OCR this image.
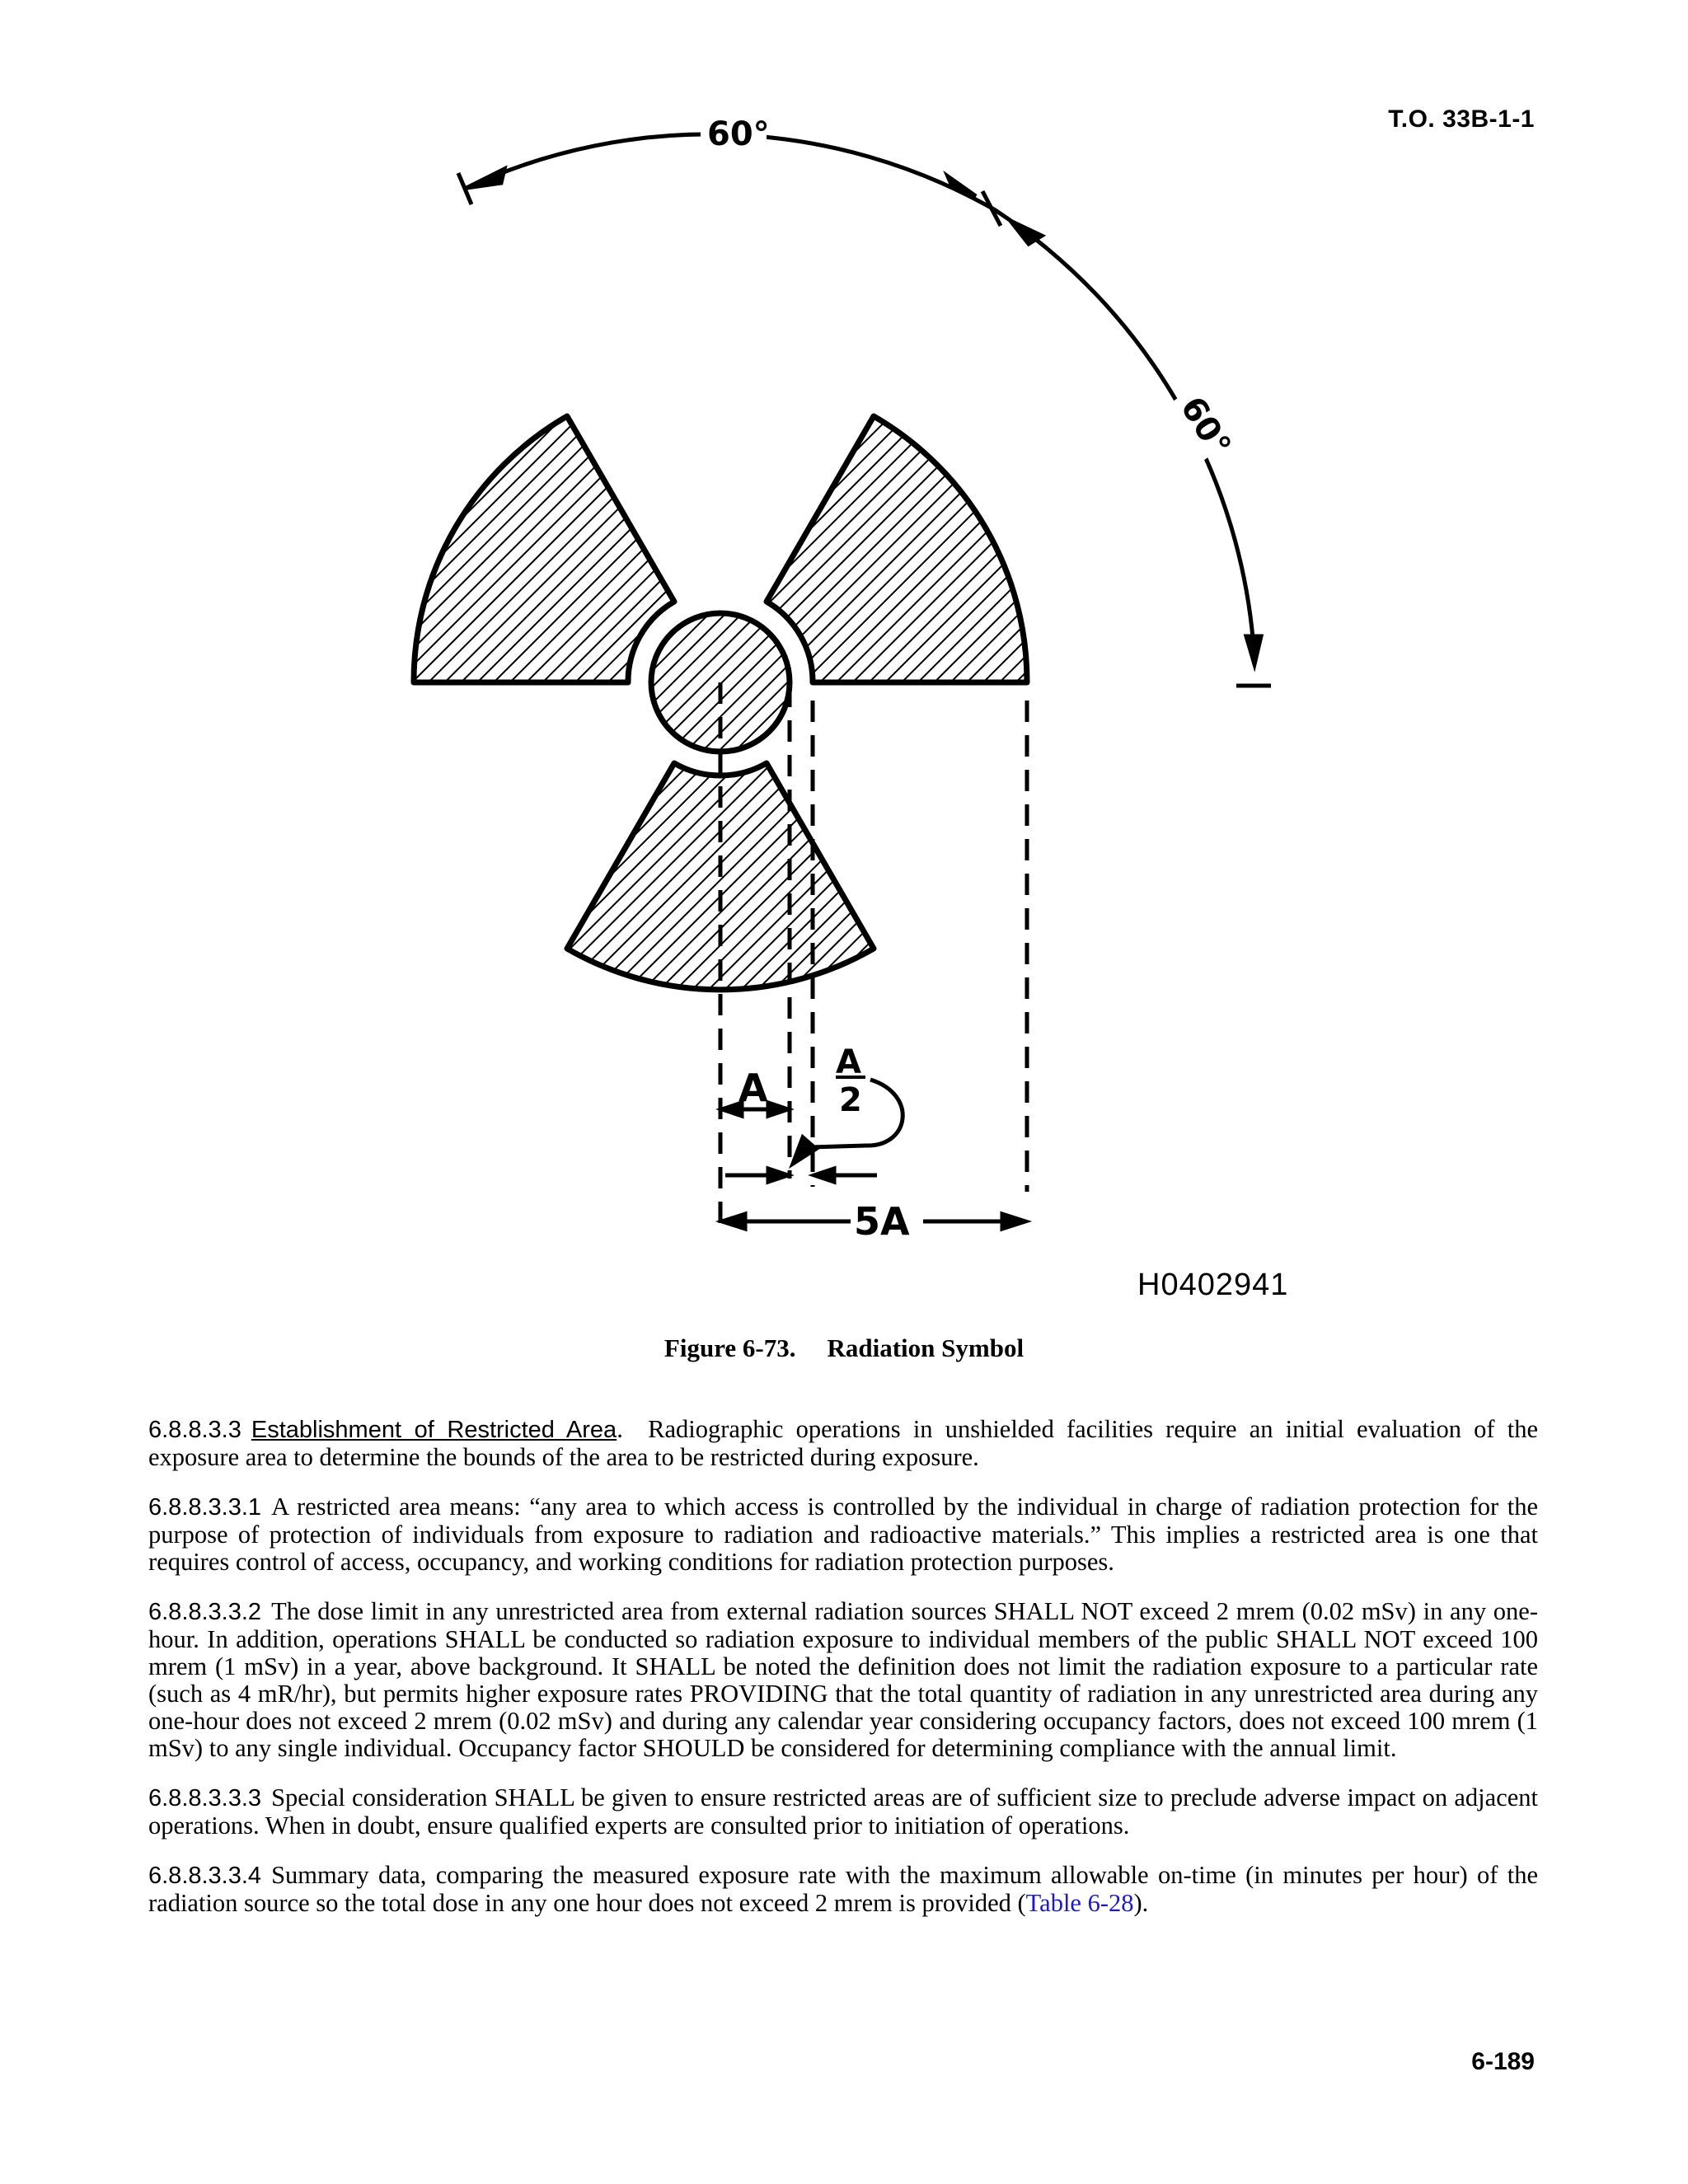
T.O. 33B-1-1
60°
60°
A
A
2
5A
H0402941
Figure 6-73. Radiation Symbol

6.8.8.3.3 Establishment of Restricted Area. Radiographic operations in unshielded facilities require an initial evaluation of the exposure area to determine the bounds of the area to be restricted during exposure.

6.8.8.3.3.1 A restricted area means: “any area to which access is controlled by the individual in charge of radiation protection for the purpose of protection of individuals from exposure to radiation and radioactive materials.” This implies a restricted area is one that requires control of access, occupancy, and working conditions for radiation protection purposes.

6.8.8.3.3.2 The dose limit in any unrestricted area from external radiation sources SHALL NOT exceed 2 mrem (0.02 mSv) in any one-hour. In addition, operations SHALL be conducted so radiation exposure to individual members of the public SHALL NOT exceed 100 mrem (1 mSv) in a year, above background. It SHALL be noted the definition does not limit the radiation exposure to a particular rate (such as 4 mR/hr), but permits higher exposure rates PROVIDING that the total quantity of radiation in any unrestricted area during any one-hour does not exceed 2 mrem (0.02 mSv) and during any calendar year considering occupancy factors, does not exceed 100 mrem (1 mSv) to any single individual. Occupancy factor SHOULD be considered for determining compliance with the annual limit.

6.8.8.3.3.3 Special consideration SHALL be given to ensure restricted areas are of sufficient size to preclude adverse impact on adjacent operations. When in doubt, ensure qualified experts are consulted prior to initiation of operations.

6.8.8.3.3.4 Summary data, comparing the measured exposure rate with the maximum allowable on-time (in minutes per hour) of the radiation source so the total dose in any one hour does not exceed 2 mrem is provided (Table 6-28).

6-189
